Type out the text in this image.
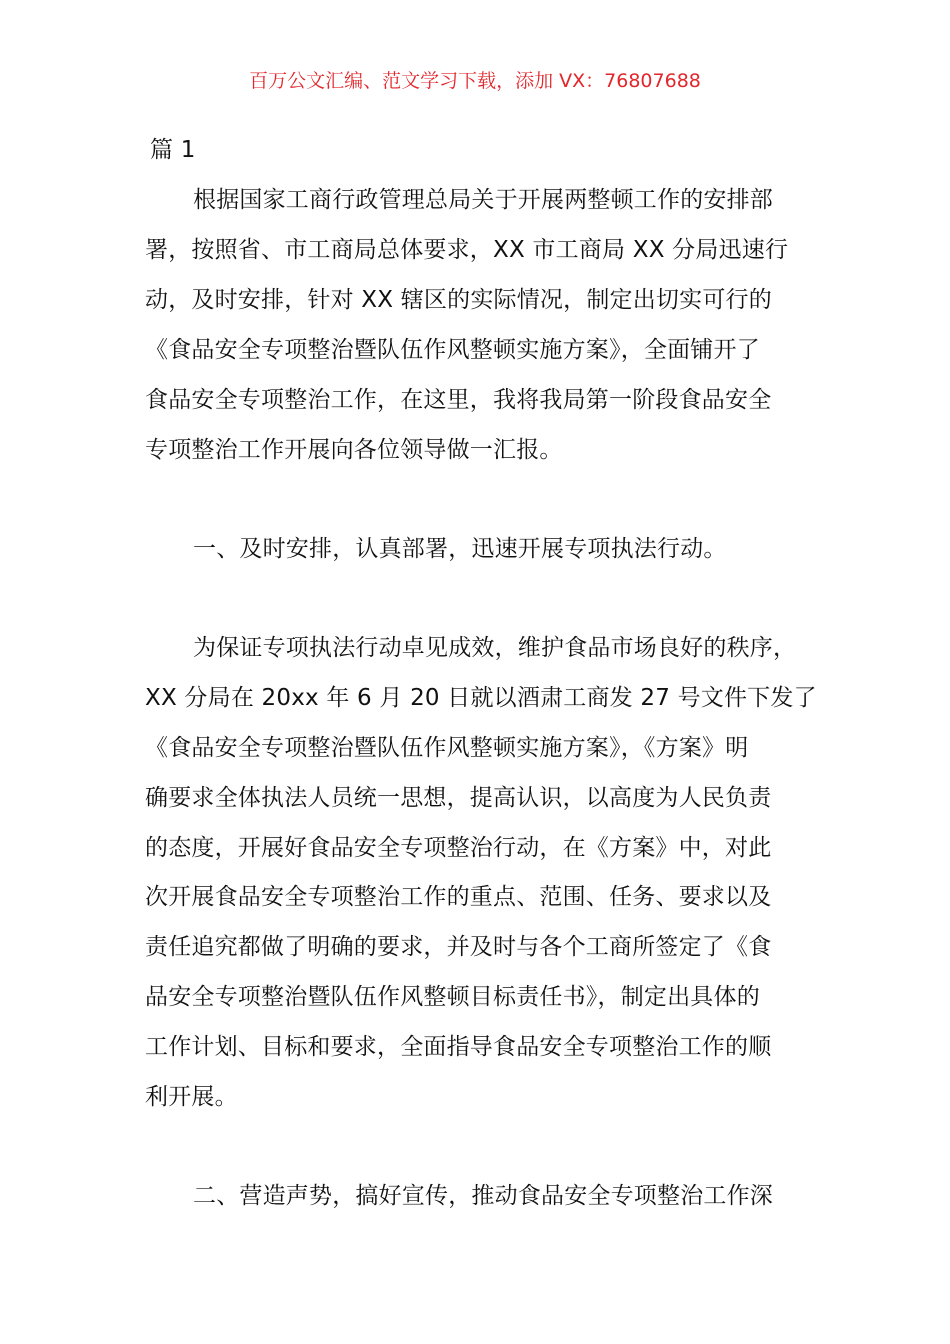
百万公文汇编、范文学习下载，添加 VX：76807688
篇 1
根据国家工商行政管理总局关于开展两整顿工作的安排部
署，按照省、市工商局总体要求，XX 市工商局 XX 分局迅速行
动，及时安排，针对 XX 辖区的实际情况，制定出切实可行的
《食品安全专项整治暨队伍作风整顿实施方案》，全面铺开了
食品安全专项整治工作，在这里，我将我局第一阶段食品安全
专项整治工作开展向各位领导做一汇报。
一、及时安排，认真部署，迅速开展专项执法行动。
为保证专项执法行动卓见成效，维护食品市场良好的秩序，
XX 分局在 20xx 年 6 月 20 日就以酒肃工商发 27 号文件下发了
《食品安全专项整治暨队伍作风整顿实施方案》，《方案》明
确要求全体执法人员统一思想，提高认识，以高度为人民负责
的态度，开展好食品安全专项整治行动，在《方案》中，对此
次开展食品安全专项整治工作的重点、范围、任务、要求以及
责任追究都做了明确的要求，并及时与各个工商所签定了《食
品安全专项整治暨队伍作风整顿目标责任书》，制定出具体的
工作计划、目标和要求，全面指导食品安全专项整治工作的顺
利开展。
二、营造声势，搞好宣传，推动食品安全专项整治工作深
